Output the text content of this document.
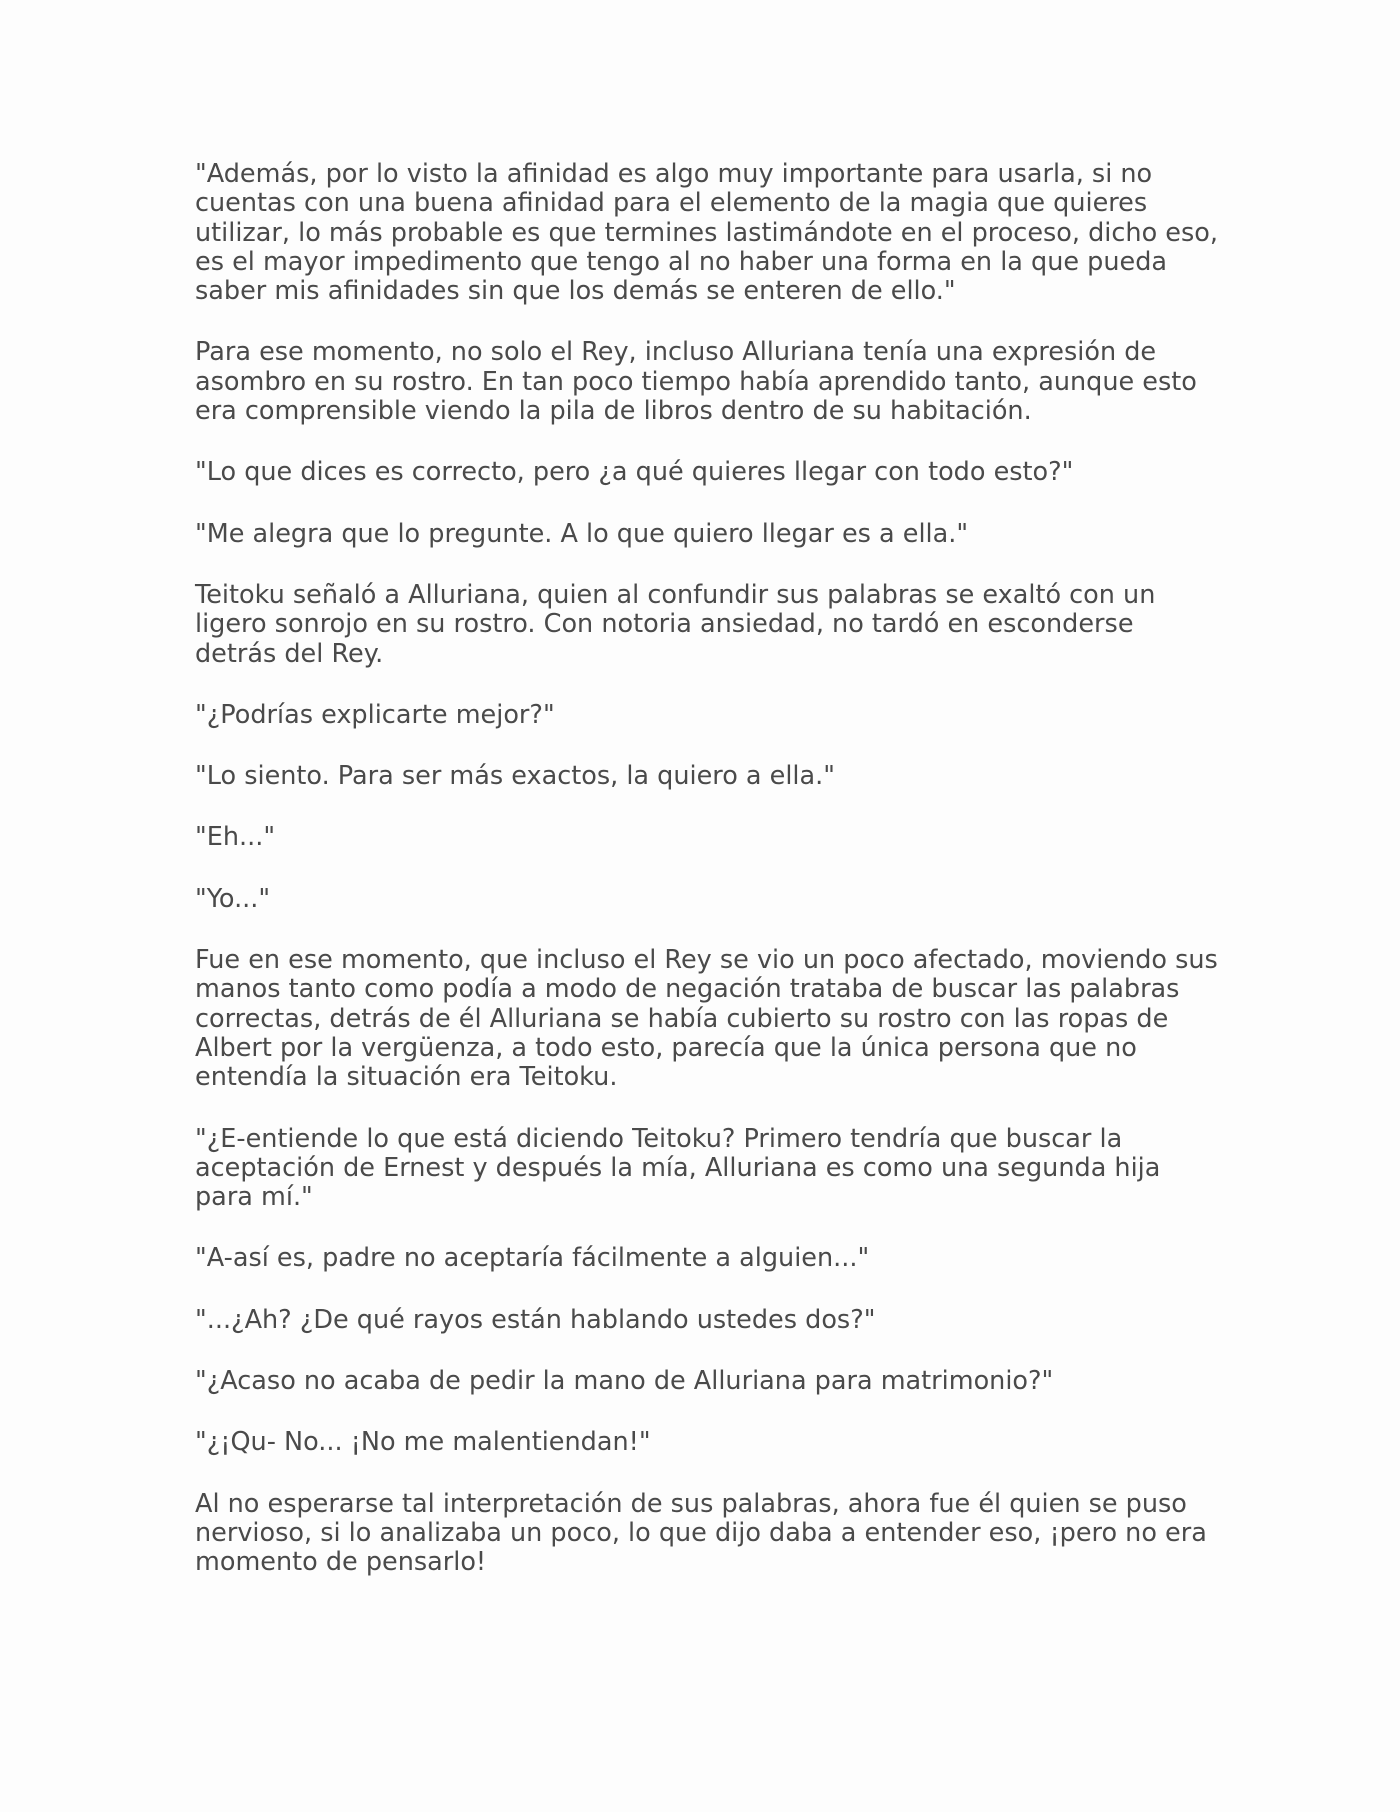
"Además, por lo visto la afinidad es algo muy importante para usarla, si no
cuentas con una buena afinidad para el elemento de la magia que quieres
utilizar, lo más probable es que termines lastimándote en el proceso, dicho eso,
es el mayor impedimento que tengo al no haber una forma en la que pueda
saber mis afinidades sin que los demás se enteren de ello."

Para ese momento, no solo el Rey, incluso Alluriana tenía una expresión de
asombro en su rostro. En tan poco tiempo había aprendido tanto, aunque esto
era comprensible viendo la pila de libros dentro de su habitación.

"Lo que dices es correcto, pero ¿a qué quieres llegar con todo esto?"

"Me alegra que lo pregunte. A lo que quiero llegar es a ella."

Teitoku señaló a Alluriana, quien al confundir sus palabras se exaltó con un
ligero sonrojo en su rostro. Con notoria ansiedad, no tardó en esconderse
detrás del Rey.

"¿Podrías explicarte mejor?"

"Lo siento. Para ser más exactos, la quiero a ella."

"Eh..."

"Yo..."

Fue en ese momento, que incluso el Rey se vio un poco afectado, moviendo sus
manos tanto como podía a modo de negación trataba de buscar las palabras
correctas, detrás de él Alluriana se había cubierto su rostro con las ropas de
Albert por la vergüenza, a todo esto, parecía que la única persona que no
entendía la situación era Teitoku.

"¿E-entiende lo que está diciendo Teitoku? Primero tendría que buscar la
aceptación de Ernest y después la mía, Alluriana es como una segunda hija
para mí."

"A-así es, padre no aceptaría fácilmente a alguien..."

"...¿Ah? ¿De qué rayos están hablando ustedes dos?"

"¿Acaso no acaba de pedir la mano de Alluriana para matrimonio?"

"¿¡Qu- No... ¡No me malentiendan!"

Al no esperarse tal interpretación de sus palabras, ahora fue él quien se puso
nervioso, si lo analizaba un poco, lo que dijo daba a entender eso, ¡pero no era
momento de pensarlo!
